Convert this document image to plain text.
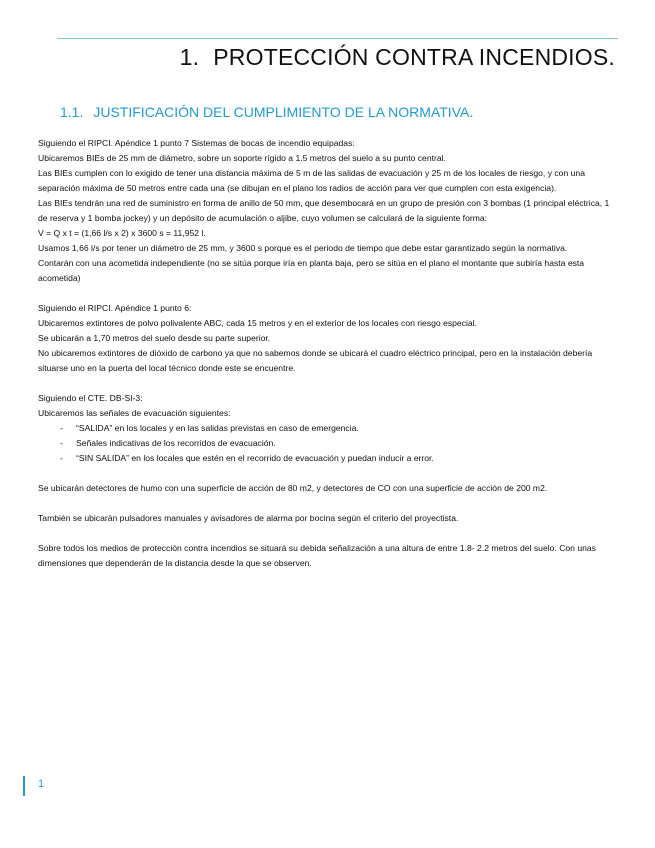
1. PROTECCIÓN CONTRA INCENDIOS.
1.1. JUSTIFICACIÓN DEL CUMPLIMIENTO DE LA NORMATIVA.

Siguiendo el RIPCI. Apéndice 1 punto 7 Sistemas de bocas de incendio equipadas:

Ubicaremos BIEs de 25 mm de diámetro, sobre un soporte rígido a 1.5 metros del suelo a su punto central.

Las BIEs cumplen con lo exigido de tener una distancia máxima de 5 m de las salidas de evacuación y 25 m de los locales de riesgo, y con una separación máxima de 50 metros entre cada una (se dibujan en el plano los radios de acción para ver que cumplen con esta exigencia).

Las BIEs tendrán una red de suministro en forma de anillo de 50 mm, que desembocará en un grupo de presión con 3 bombas (1 principal eléctrica, 1 de reserva y 1 bomba jockey) y un depósito de acumulación o aljibe, cuyo volumen se calculará de la siguiente forma:

V = Q x t = (1,66 l/s x 2) x 3600 s = 11,952 l.

Usamos 1,66 l/s por tener un diámetro de 25 mm, y 3600 s porque es el periodo de tiempo que debe estar garantizado según la normativa.

Contarán con una acometida independiente (no se sitúa porque iría en planta baja, pero se sitúa en el plano el montante que subiría hasta esta acometida)

Siguiendo el RIPCI. Apéndice 1 punto 6:

Ubicaremos extintores de polvo polivalente ABC, cada 15 metros y en el exterior de los locales con riesgo especial.

Se ubicarán a 1,70 metros del suelo desde su parte superior.

No ubicaremos extintores de dióxido de carbono ya que no sabemos donde se ubicará el cuadro eléctrico principal, pero en la instalación debería situarse uno en la puerta del local técnico donde este se encuentre.

Siguiendo el CTE. DB-SI-3:

Ubicaremos las señales de evacuación siguientes:

- “SALIDA” en los locales y en las salidas previstas en caso de emergencia.
- Señales indicativas de los recorridos de evacuación.
- “SIN SALIDA” en los locales que estén en el recorrido de evacuación y puedan inducir a error.

Se ubicarán detectores de humo con una superficie de acción de 80 m2, y detectores de CO con una superficie de acción de 200 m2.

También se ubicarán pulsadores manuales y avisadores de alarma por bocina según el criterio del proyectista.

Sobre todos los medios de protección contra incendios se situará su debida señalización a una altura de entre 1.8- 2.2 metros del suelo. Con unas dimensiones que dependerán de la distancia desde la que se observen.

1
